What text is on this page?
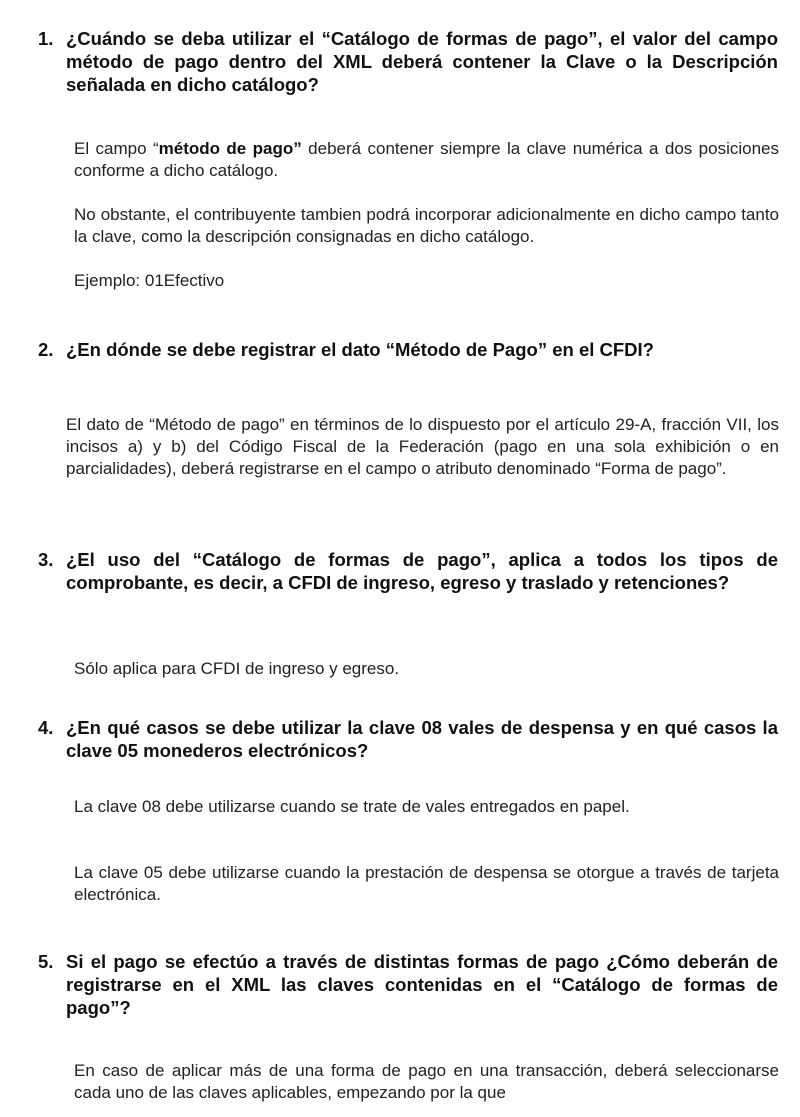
1. ¿Cuándo se deba utilizar el “Catálogo de formas de pago”, el valor del campo método de pago dentro del XML deberá contener la Clave o la Descripción señalada en dicho catálogo?
El campo “método de pago” deberá contener siempre la clave numérica a dos posiciones conforme a dicho catálogo.
No obstante, el contribuyente tambien podrá incorporar adicionalmente en dicho campo tanto la clave, como la descripción consignadas en dicho catálogo.
Ejemplo: 01Efectivo
2. ¿En dónde se debe registrar el dato “Método de Pago” en el CFDI?
El dato de “Método de pago” en términos de lo dispuesto por el artículo 29-A, fracción VII, los incisos a) y b) del Código Fiscal de la Federación (pago en una sola exhibición o en parcialidades), deberá registrarse en el campo o atributo denominado “Forma de pago”.
3. ¿El uso del “Catálogo de formas de pago”, aplica a todos los tipos de comprobante, es decir, a CFDI de ingreso, egreso y traslado y retenciones?
Sólo aplica para CFDI de ingreso y egreso.
4. ¿En qué casos se debe utilizar la clave 08 vales de despensa y en qué casos la clave 05 monederos electrónicos?
La clave 08 debe utilizarse cuando se trate de vales entregados en papel.
La clave 05 debe utilizarse cuando la prestación de despensa se otorgue a través de tarjeta electrónica.
5. Si el pago se efectúo a través de distintas formas de pago ¿Cómo deberán de registrarse en el XML las claves contenidas en el “Catálogo de formas de pago”?
En caso de aplicar más de una forma de pago en una transacción, deberá seleccionarse cada uno de las claves aplicables, empezando por la que
